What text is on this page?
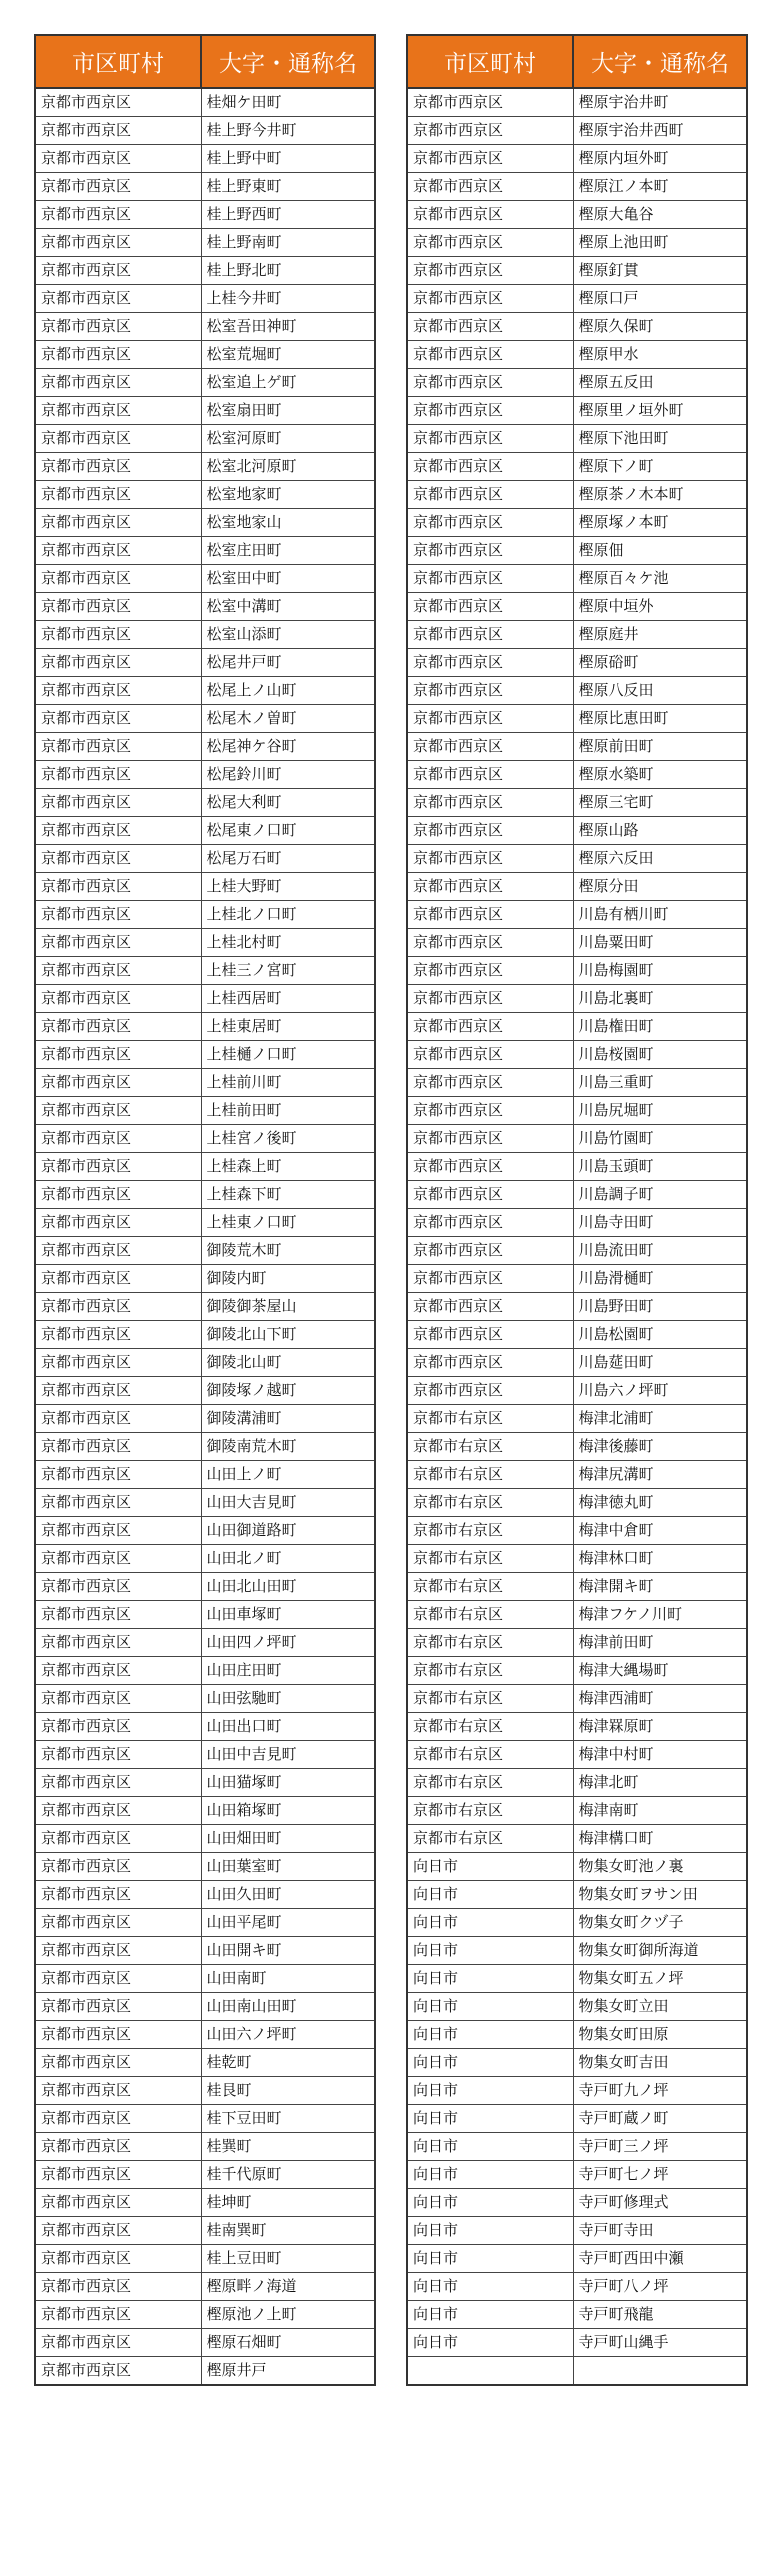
市区町村	大字・通称名
京都市西京区	桂畑ケ田町
京都市西京区	桂上野今井町
京都市西京区	桂上野中町
京都市西京区	桂上野東町
京都市西京区	桂上野西町
京都市西京区	桂上野南町
京都市西京区	桂上野北町
京都市西京区	上桂今井町
京都市西京区	松室吾田神町
京都市西京区	松室荒堀町
京都市西京区	松室追上ゲ町
京都市西京区	松室扇田町
京都市西京区	松室河原町
京都市西京区	松室北河原町
京都市西京区	松室地家町
京都市西京区	松室地家山
京都市西京区	松室庄田町
京都市西京区	松室田中町
京都市西京区	松室中溝町
京都市西京区	松室山添町
京都市西京区	松尾井戸町
京都市西京区	松尾上ノ山町
京都市西京区	松尾木ノ曽町
京都市西京区	松尾神ケ谷町
京都市西京区	松尾鈴川町
京都市西京区	松尾大利町
京都市西京区	松尾東ノ口町
京都市西京区	松尾万石町
京都市西京区	上桂大野町
京都市西京区	上桂北ノ口町
京都市西京区	上桂北村町
京都市西京区	上桂三ノ宮町
京都市西京区	上桂西居町
京都市西京区	上桂東居町
京都市西京区	上桂樋ノ口町
京都市西京区	上桂前川町
京都市西京区	上桂前田町
京都市西京区	上桂宮ノ後町
京都市西京区	上桂森上町
京都市西京区	上桂森下町
京都市西京区	上桂東ノ口町
京都市西京区	御陵荒木町
京都市西京区	御陵内町
京都市西京区	御陵御茶屋山
京都市西京区	御陵北山下町
京都市西京区	御陵北山町
京都市西京区	御陵塚ノ越町
京都市西京区	御陵溝浦町
京都市西京区	御陵南荒木町
京都市西京区	山田上ノ町
京都市西京区	山田大吉見町
京都市西京区	山田御道路町
京都市西京区	山田北ノ町
京都市西京区	山田北山田町
京都市西京区	山田車塚町
京都市西京区	山田四ノ坪町
京都市西京区	山田庄田町
京都市西京区	山田弦馳町
京都市西京区	山田出口町
京都市西京区	山田中吉見町
京都市西京区	山田猫塚町
京都市西京区	山田箱塚町
京都市西京区	山田畑田町
京都市西京区	山田葉室町
京都市西京区	山田久田町
京都市西京区	山田平尾町
京都市西京区	山田開キ町
京都市西京区	山田南町
京都市西京区	山田南山田町
京都市西京区	山田六ノ坪町
京都市西京区	桂乾町
京都市西京区	桂艮町
京都市西京区	桂下豆田町
京都市西京区	桂巽町
京都市西京区	桂千代原町
京都市西京区	桂坤町
京都市西京区	桂南巽町
京都市西京区	桂上豆田町
京都市西京区	樫原畔ノ海道
京都市西京区	樫原池ノ上町
京都市西京区	樫原石畑町
京都市西京区	樫原井戸
市区町村	大字・通称名
京都市西京区	樫原宇治井町
京都市西京区	樫原宇治井西町
京都市西京区	樫原内垣外町
京都市西京区	樫原江ノ本町
京都市西京区	樫原大亀谷
京都市西京区	樫原上池田町
京都市西京区	樫原釘貫
京都市西京区	樫原口戸
京都市西京区	樫原久保町
京都市西京区	樫原甲水
京都市西京区	樫原五反田
京都市西京区	樫原里ノ垣外町
京都市西京区	樫原下池田町
京都市西京区	樫原下ノ町
京都市西京区	樫原茶ノ木本町
京都市西京区	樫原塚ノ本町
京都市西京区	樫原佃
京都市西京区	樫原百々ケ池
京都市西京区	樫原中垣外
京都市西京区	樫原庭井
京都市西京区	樫原硲町
京都市西京区	樫原八反田
京都市西京区	樫原比恵田町
京都市西京区	樫原前田町
京都市西京区	樫原水築町
京都市西京区	樫原三宅町
京都市西京区	樫原山路
京都市西京区	樫原六反田
京都市西京区	樫原分田
京都市西京区	川島有栖川町
京都市西京区	川島粟田町
京都市西京区	川島梅園町
京都市西京区	川島北裏町
京都市西京区	川島権田町
京都市西京区	川島桜園町
京都市西京区	川島三重町
京都市西京区	川島尻堀町
京都市西京区	川島竹園町
京都市西京区	川島玉頭町
京都市西京区	川島調子町
京都市西京区	川島寺田町
京都市西京区	川島流田町
京都市西京区	川島滑樋町
京都市西京区	川島野田町
京都市西京区	川島松園町
京都市西京区	川島莚田町
京都市西京区	川島六ノ坪町
京都市右京区	梅津北浦町
京都市右京区	梅津後藤町
京都市右京区	梅津尻溝町
京都市右京区	梅津徳丸町
京都市右京区	梅津中倉町
京都市右京区	梅津林口町
京都市右京区	梅津開キ町
京都市右京区	梅津フケノ川町
京都市右京区	梅津前田町
京都市右京区	梅津大縄場町
京都市右京区	梅津西浦町
京都市右京区	梅津罧原町
京都市右京区	梅津中村町
京都市右京区	梅津北町
京都市右京区	梅津南町
京都市右京区	梅津構口町
向日市	物集女町池ノ裏
向日市	物集女町ヲサン田
向日市	物集女町クヅ子
向日市	物集女町御所海道
向日市	物集女町五ノ坪
向日市	物集女町立田
向日市	物集女町田原
向日市	物集女町吉田
向日市	寺戸町九ノ坪
向日市	寺戸町蔵ノ町
向日市	寺戸町三ノ坪
向日市	寺戸町七ノ坪
向日市	寺戸町修理式
向日市	寺戸町寺田
向日市	寺戸町西田中瀬
向日市	寺戸町八ノ坪
向日市	寺戸町飛龍
向日市	寺戸町山縄手
